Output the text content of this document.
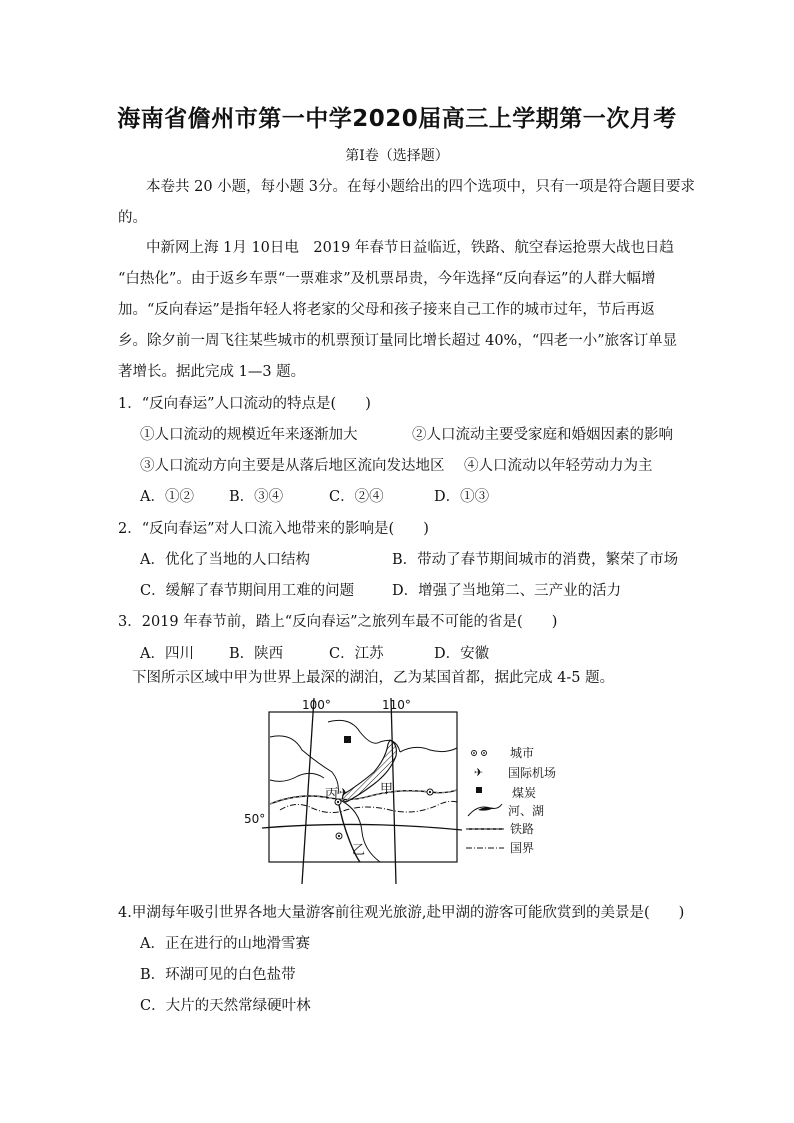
海南省儋州市第一中学2020届高三上学期第一次月考
第Ⅰ卷（选择题）
本卷共 20 小题，每小题 3分。在每小题给出的四个选项中，只有一项是符合题目要求
的。
中新网上海 1月 10日电　2019 年春节日益临近，铁路、航空春运抢票大战也日趋
“白热化”。由于返乡车票“一票难求”及机票昂贵，今年选择“反向春运”的人群大幅增
加。“反向春运”是指年轻人将老家的父母和孩子接来自己工作的城市过年，节后再返
乡。除夕前一周飞往某些城市的机票预订量同比增长超过 40%，“四老一小”旅客订单显
著增长。据此完成 1—3 题。
1．“反向春运”人口流动的特点是(　　)
①人口流动的规模近年来逐渐加大	②人口流动主要受家庭和婚姻因素的影响
③人口流动方向主要是从落后地区流向发达地区 ④人口流动以年轻劳动力为主
A．①② B．③④	C．②④	D．①③
2．“反向春运”对人口流入地带来的影响是(　　)
A．优化了当地的人口结构	B．带动了春节期间城市的消费，繁荣了市场
C．缓解了春节期间用工难的问题	D．增强了当地第二、三产业的活力
3．2019 年春节前，踏上“反向春运”之旅列车最不可能的省是(　　)
A．四川 B．陕西	C．江苏	D．安徽
下图所示区域中甲为世界上最深的湖泊，乙为某国首都，据此完成 4-5 题。
100°	110°
50°
✈ 甲
丙
乙
城市
✈ 国际机场
煤炭
河、湖
铁路
国界
4.甲湖每年吸引世界各地大量游客前往观光旅游,赴甲湖的游客可能欣赏到的美景是(　　)
A．正在进行的山地滑雪赛
B．环湖可见的白色盐带
C．大片的天然常绿硬叶林
